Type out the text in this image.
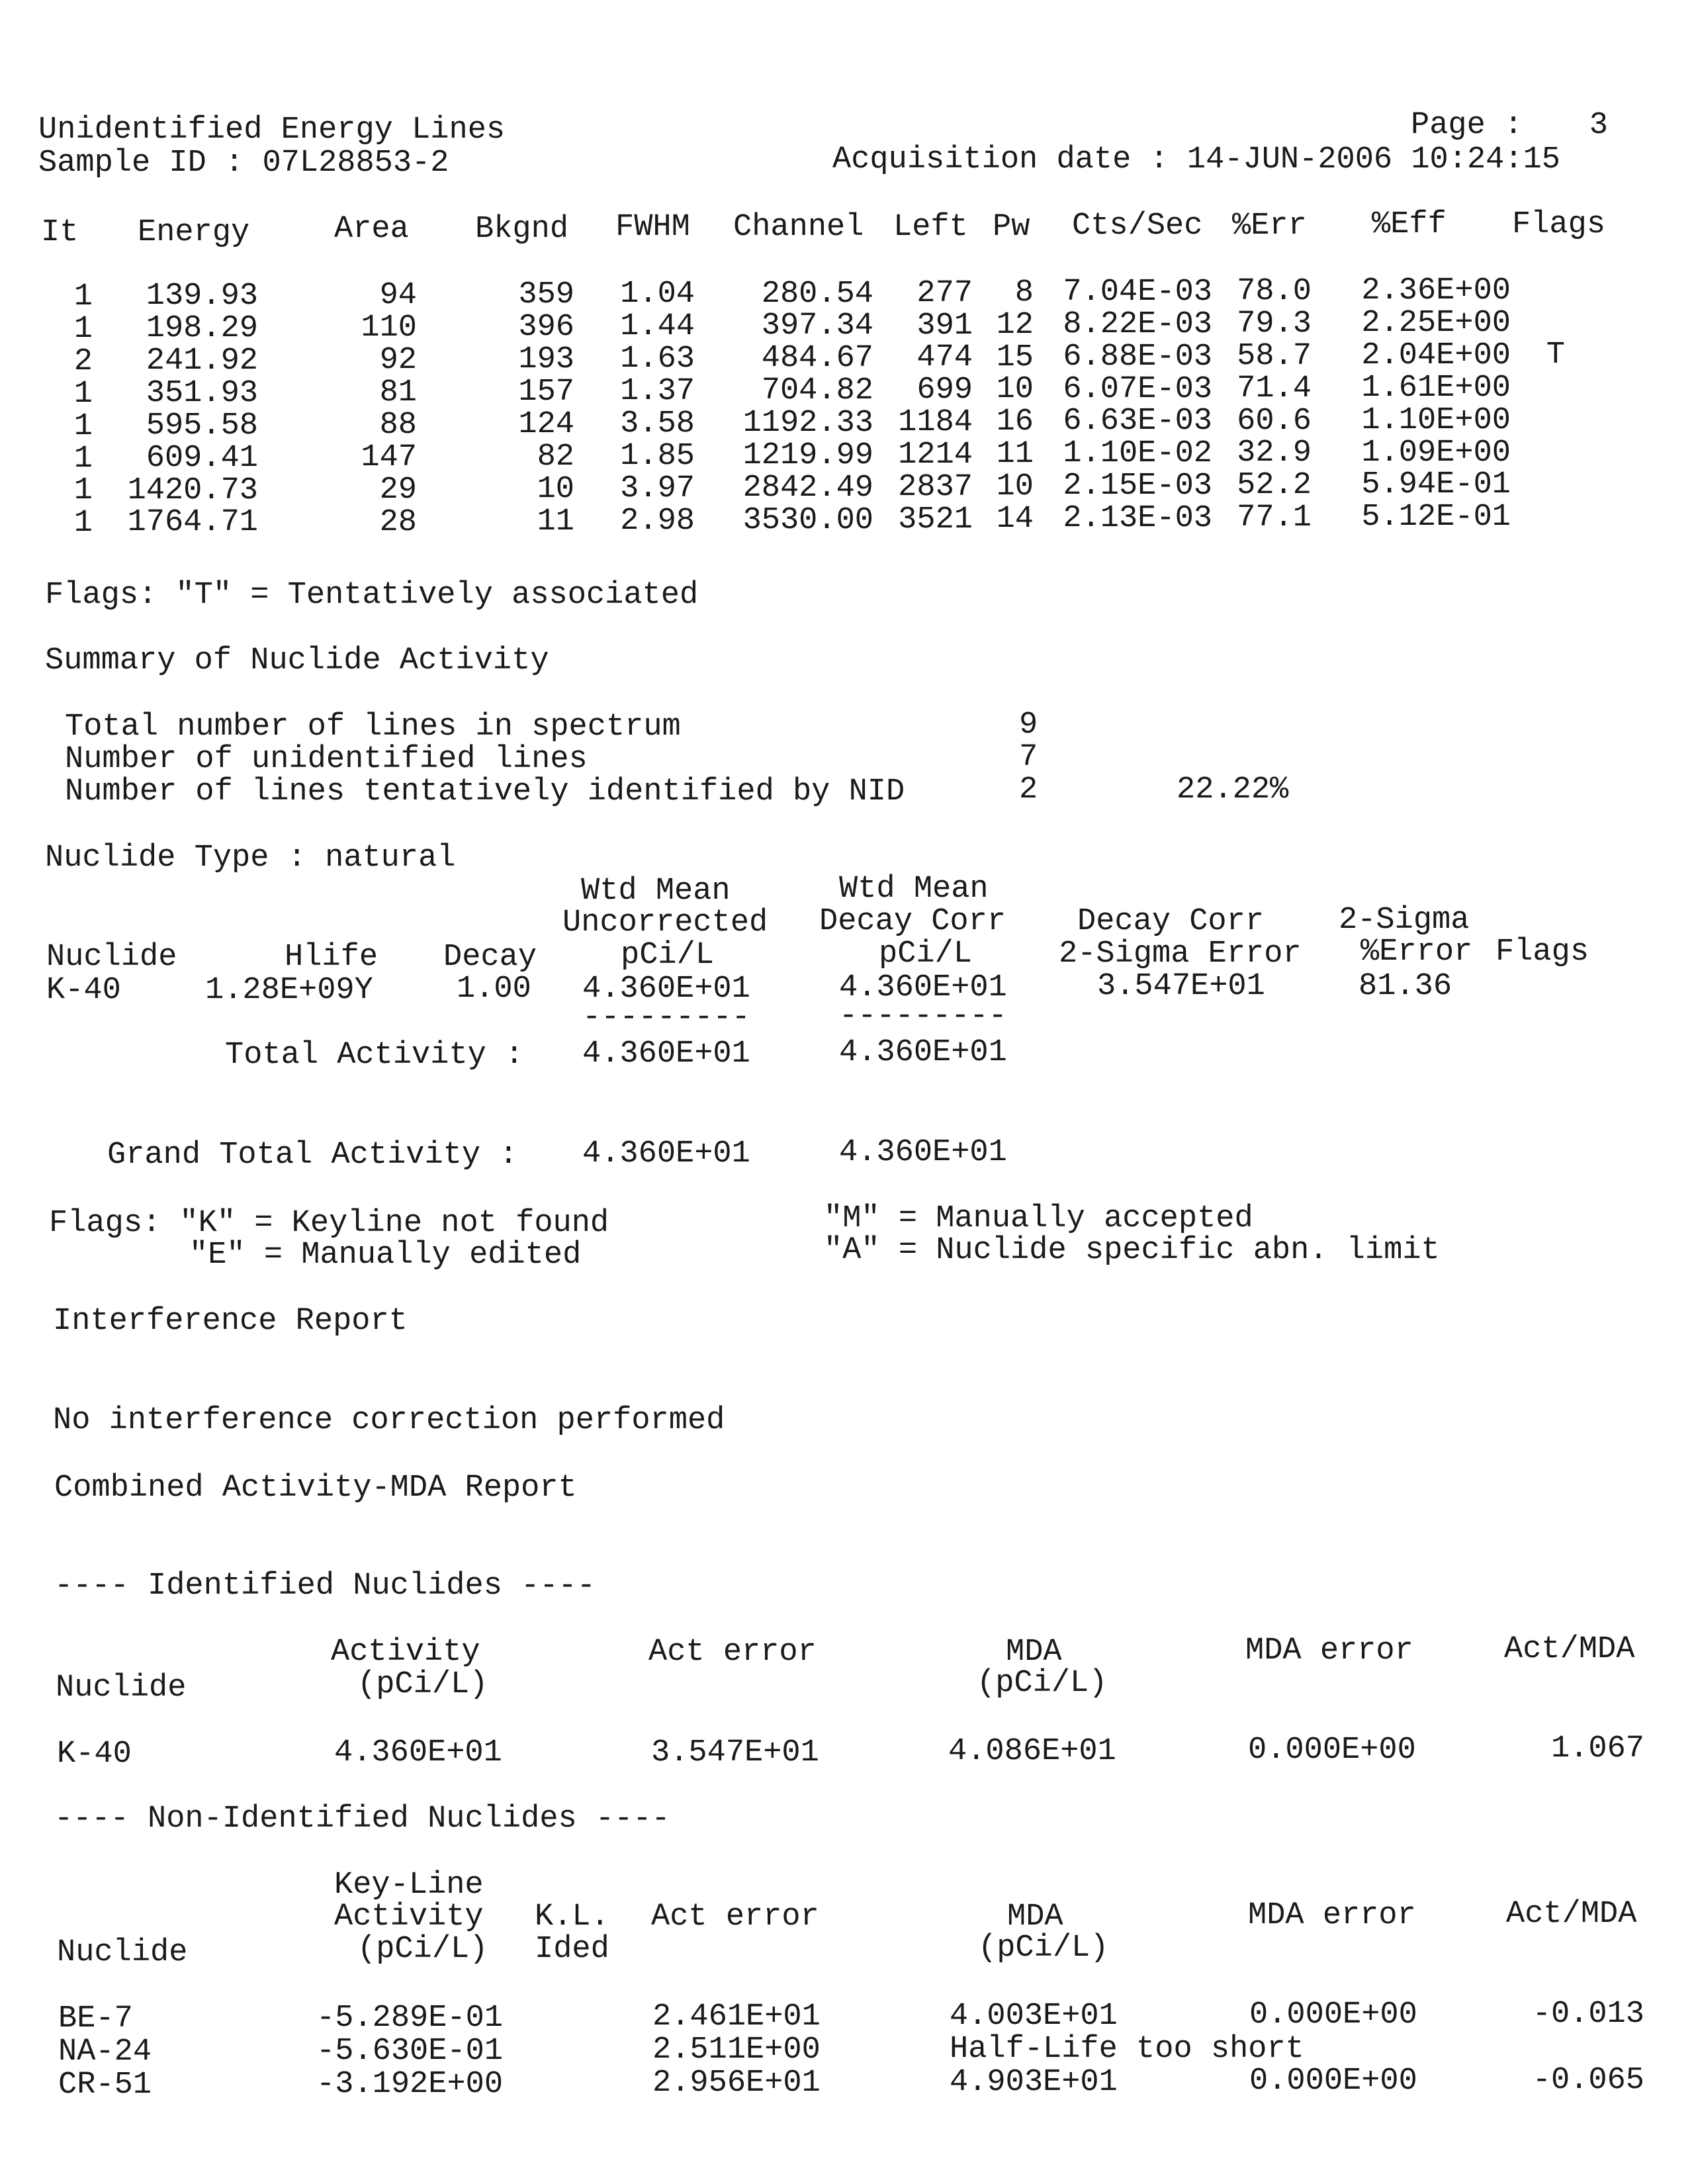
Unidentified Energy Lines
Sample ID : 07L28853-2
Page :	3
Acquisition date : 14-JUN-2006 10:24:15
It Energy	Area Bkgnd FWHM Channel Left Pw Cts/Sec %Err %Eff Flags
1	139.93	94	359	1.04	280.54	277	8 7.04E-03 78.0	2.36E+00
1	198.29	110	396	1.44	397.34	391 12 8.22E-03 79.3	2.25E+00
2	241.92	92	193	1.63	484.67	474 15 6.88E-03 58.7	2.04E+00	T
1	351.93	81	157	1.37	704.82	699 10 6.07E-03 71.4	1.61E+00
1	595.58	88	124	3.58	1192.33 1184 16 6.63E-03 60.6	1.10E+00
1	609.41	147	82	1.85	1219.99 1214 11 1.10E-02 32.9	1.09E+00
1	1420.73	29	10	3.97	2842.49 2837 10 2.15E-03 52.2	5.94E-01
1	1764.71	28	11	2.98	3530.00 3521 14 2.13E-03 77.1	5.12E-01
Flags: "T" = Tentatively associated
Summary of Nuclide Activity
Total number of lines in spectrum	9
Number of unidentified lines	7
Number of lines tentatively identified by NID	2	22.22%
Nuclide Type : natural
Wtd Mean
Uncorrected
pCi/L
Wtd Mean
Decay Corr
pCi/L
Decay Corr
2-Sigma Error
2-Sigma
%Error Flags
Nuclide	Hlife Decay
K-40	1.28E+09Y	1.00 4.360E+01	4.360E+01	3.547E+01	81.36
---------	---------
Total Activity : 4.360E+01	4.360E+01
Grand Total Activity : 4.360E+01	4.360E+01
Flags: "K" = Keyline not found
"E" = Manually edited
"M" = Manually accepted
"A" = Nuclide specific abn. limit
Interference Report
No interference correction performed
Combined Activity-MDA Report
---- Identified Nuclides ----
Activity
(pCi/L)
Act error	MDA
(pCi/L)
MDA error	Act/MDA
Nuclide
K-40	4.360E+01	3.547E+01	4.086E+01	0.000E+00	1.067
---- Non-Identified Nuclides ----
Key-Line
Activity
(pCi/L)
K.L.
Ided
Act error	MDA
(pCi/L)
MDA error	Act/MDA
Nuclide
BE-7	-5.289E-01	2.461E+01	4.003E+01	0.000E+00	-0.013
NA-24	-5.630E-01	2.511E+00	Half-Life too short
CR-51	-3.192E+00	2.956E+01	4.903E+01	0.000E+00	-0.065
